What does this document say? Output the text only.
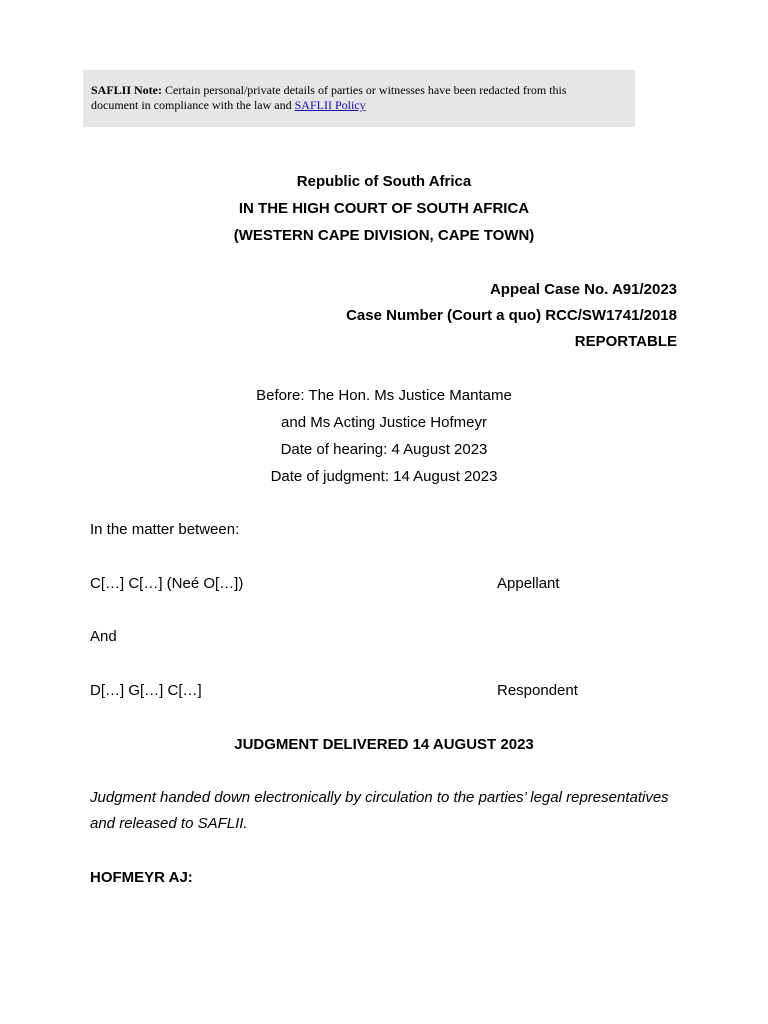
SAFLII Note: Certain personal/private details of parties or witnesses have been redacted from this
document in compliance with the law and SAFLII Policy
Republic of South Africa
IN THE HIGH COURT OF SOUTH AFRICA
(WESTERN CAPE DIVISION, CAPE TOWN)
Appeal Case No. A91/2023
Case Number (Court a quo) RCC/SW1741/2018
REPORTABLE
Before: The Hon. Ms Justice Mantame
and Ms Acting Justice Hofmeyr
Date of hearing: 4 August 2023
Date of judgment: 14 August 2023
In the matter between:
C[…] C[…] (Neé O[…])	Appellant
And
D[…] G[…] C[…]	Respondent
JUDGMENT DELIVERED 14 AUGUST 2023
Judgment handed down electronically by circulation to the parties’ legal representatives
and released to SAFLII.
HOFMEYR AJ:
